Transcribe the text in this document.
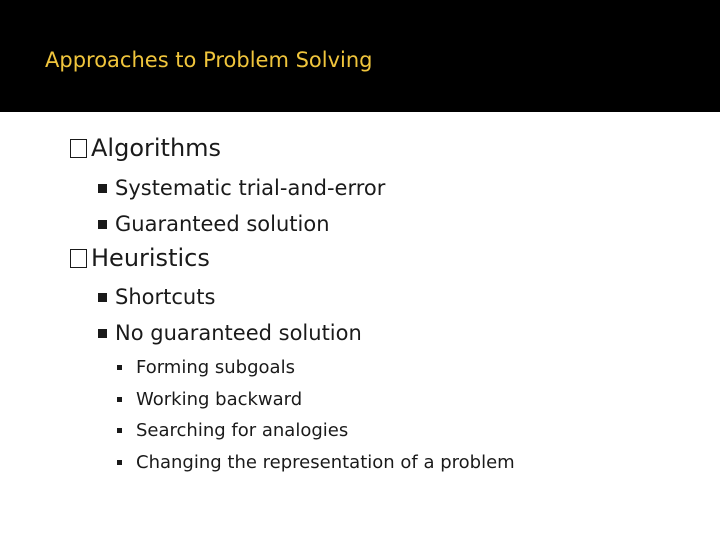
Approaches to Problem Solving
Algorithms
Systematic trial-and-error
Guaranteed solution
Heuristics
Shortcuts
No guaranteed solution
Forming subgoals
Working backward
Searching for analogies
Changing the representation of a problem
